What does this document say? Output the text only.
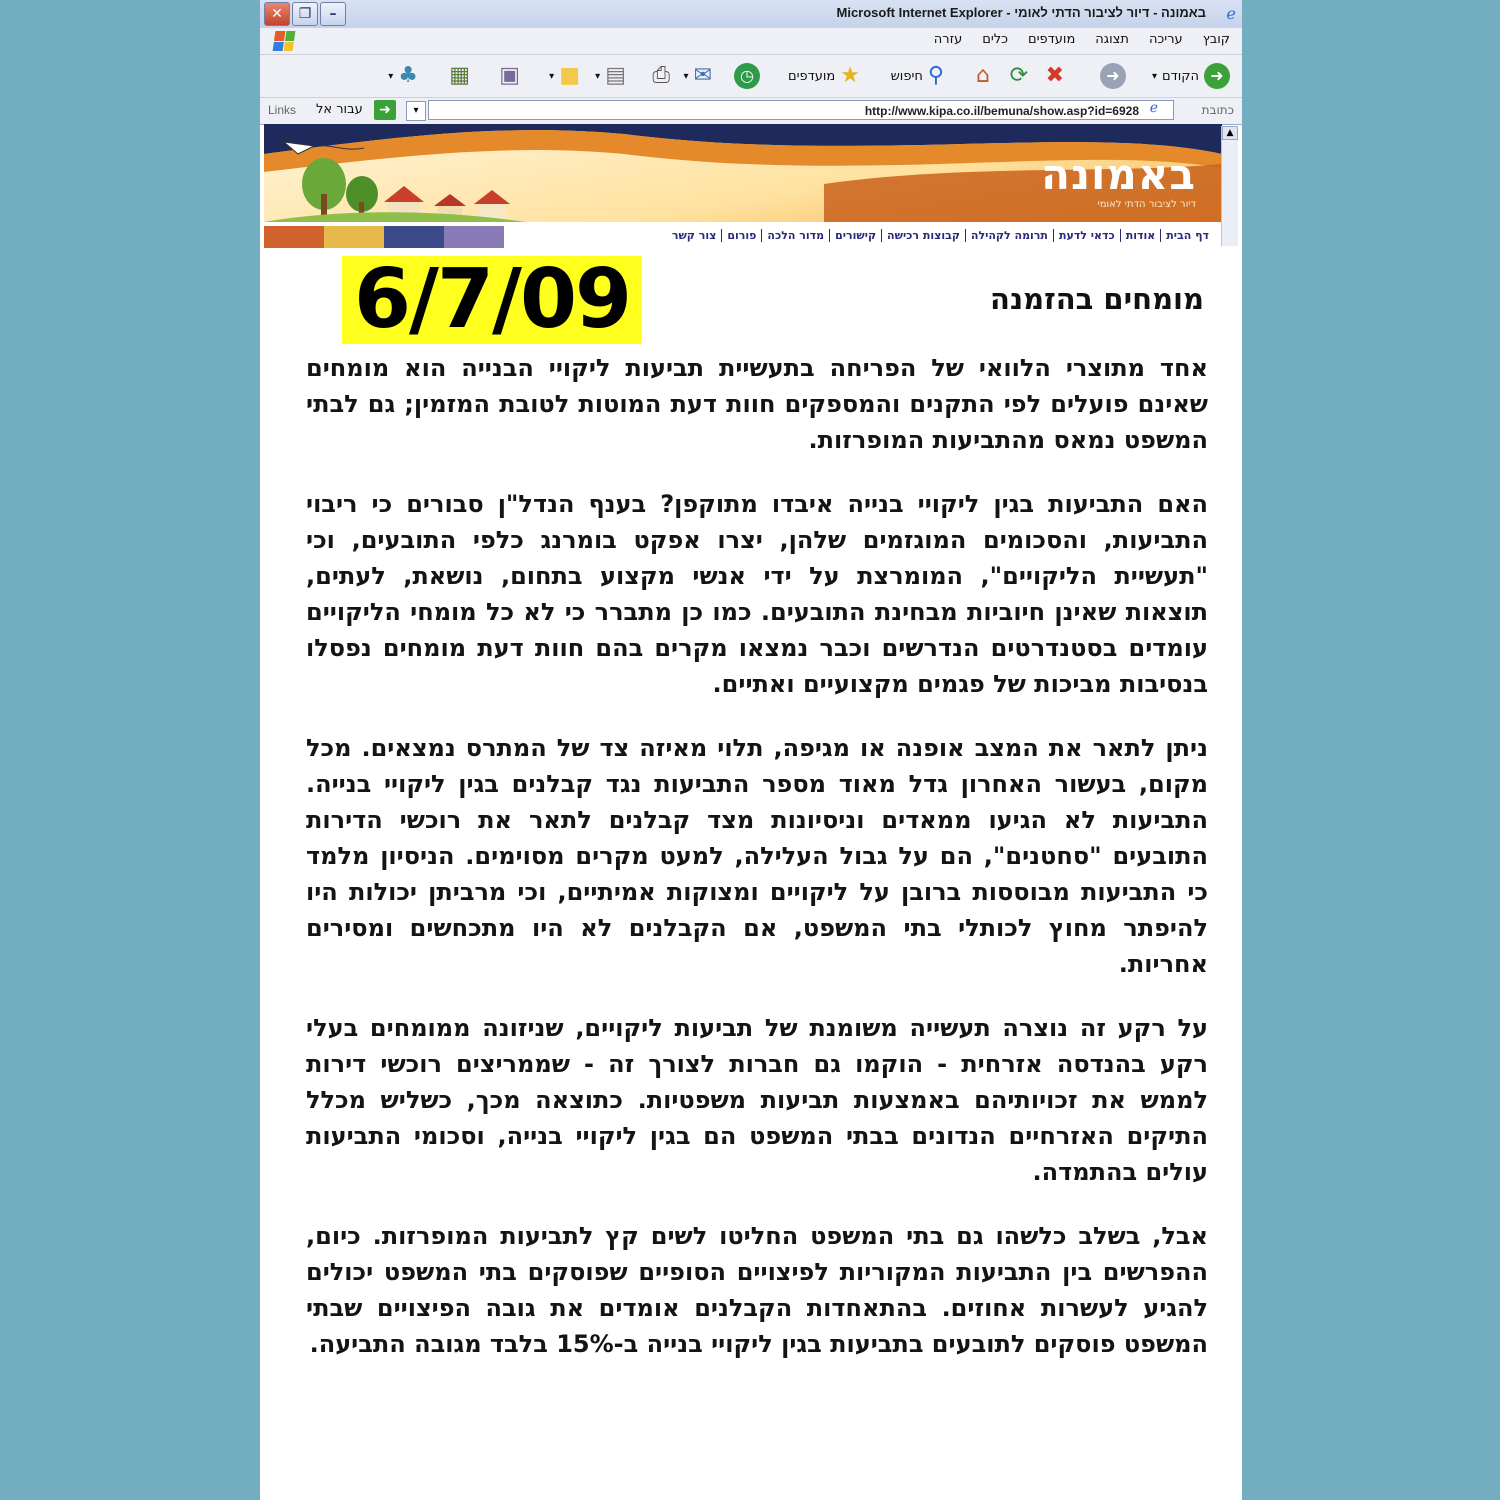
✕	❐	–	באמונה - דיור לציבור הדתי לאומי - Microsoft Internet Explorer ℯ
קובץ
עריכה
תצוגה
מועדפים
כלים
עזרה
➜
הקודם
▾
➜
✖
⟳
⌂
⚲
חיפוש
★
מועדפים
◷
✉
▾
⎙
▤
▾
■
▾
▣
▦
♣
▾
Links עבור אל	➜	▾	http://www.kipa.co.il/bemuna/show.asp?id=6928 ℯ	כתובת
באמונה
דיור לציבור הדתי לאומי
דף הבית
אודות
כדאי לדעת
תרומה לקהילה
קבוצות רכישה
קישורים
מדור הלכה
פורום
צור קשר
▲
6/7/09	מומחים בהזמנה

אחד מתוצרי הלוואי של הפריחה בתעשיית תביעות ליקויי הבנייה הוא מומחים שאינם פועלים לפי התקנים והמספקים חוות דעת המוטות לטובת המזמין; גם לבתי המשפט נמאס מהתביעות המופרזות.

האם התביעות בגין ליקויי בנייה איבדו מתוקפן? בענף הנדל"ן סבורים כי ריבוי התביעות, והסכומים המוגזמים שלהן, יצרו אפקט בומרנג כלפי התובעים, וכי "תעשיית הליקויים", המומרצת על ידי אנשי מקצוע בתחום, נושאת, לעתים, תוצאות שאינן חיוביות מבחינת התובעים. כמו כן מתברר כי לא כל מומחי הליקויים עומדים בסטנדרטים הנדרשים וכבר נמצאו מקרים בהם חוות דעת מומחים נפסלו בנסיבות מביכות של פגמים מקצועיים ואתיים.

ניתן לתאר את המצב אופנה או מגיפה, תלוי מאיזה צד של המתרס נמצאים. מכל מקום, בעשור האחרון גדל מאוד מספר התביעות נגד קבלנים בגין ליקויי בנייה. התביעות לא הגיעו ממאדים וניסיונות מצד קבלנים לתאר את רוכשי הדירות התובעים "סחטנים", הם על גבול העלילה, למעט מקרים מסוימים. הניסיון מלמד כי התביעות מבוססות ברובן על ליקויים ומצוקות אמיתיים, וכי מרביתן יכולות היו להיפתר מחוץ לכותלי בתי המשפט, אם הקבלנים לא היו מתכחשים ומסירים אחריות.

על רקע זה נוצרה תעשייה משומנת של תביעות ליקויים, שניזונה ממומחים בעלי רקע בהנדסה אזרחית - הוקמו גם חברות לצורך זה - שממריצים רוכשי דירות לממש את זכויותיהם באמצעות תביעות משפטיות. כתוצאה מכך, כשליש מכלל התיקים האזרחיים הנדונים בבתי המשפט הם בגין ליקויי בנייה, וסכומי התביעות עולים בהתמדה.

אבל, בשלב כלשהו גם בתי המשפט החליטו לשים קץ לתביעות המופרזות. כיום, ההפרשים בין התביעות המקוריות לפיצויים הסופיים שפוסקים בתי המשפט יכולים להגיע לעשרות אחוזים. בהתאחדות הקבלנים אומדים את גובה הפיצויים שבתי המשפט פוסקים לתובעים בתביעות בגין ליקויי בנייה ב-15% בלבד מגובה התביעה.
